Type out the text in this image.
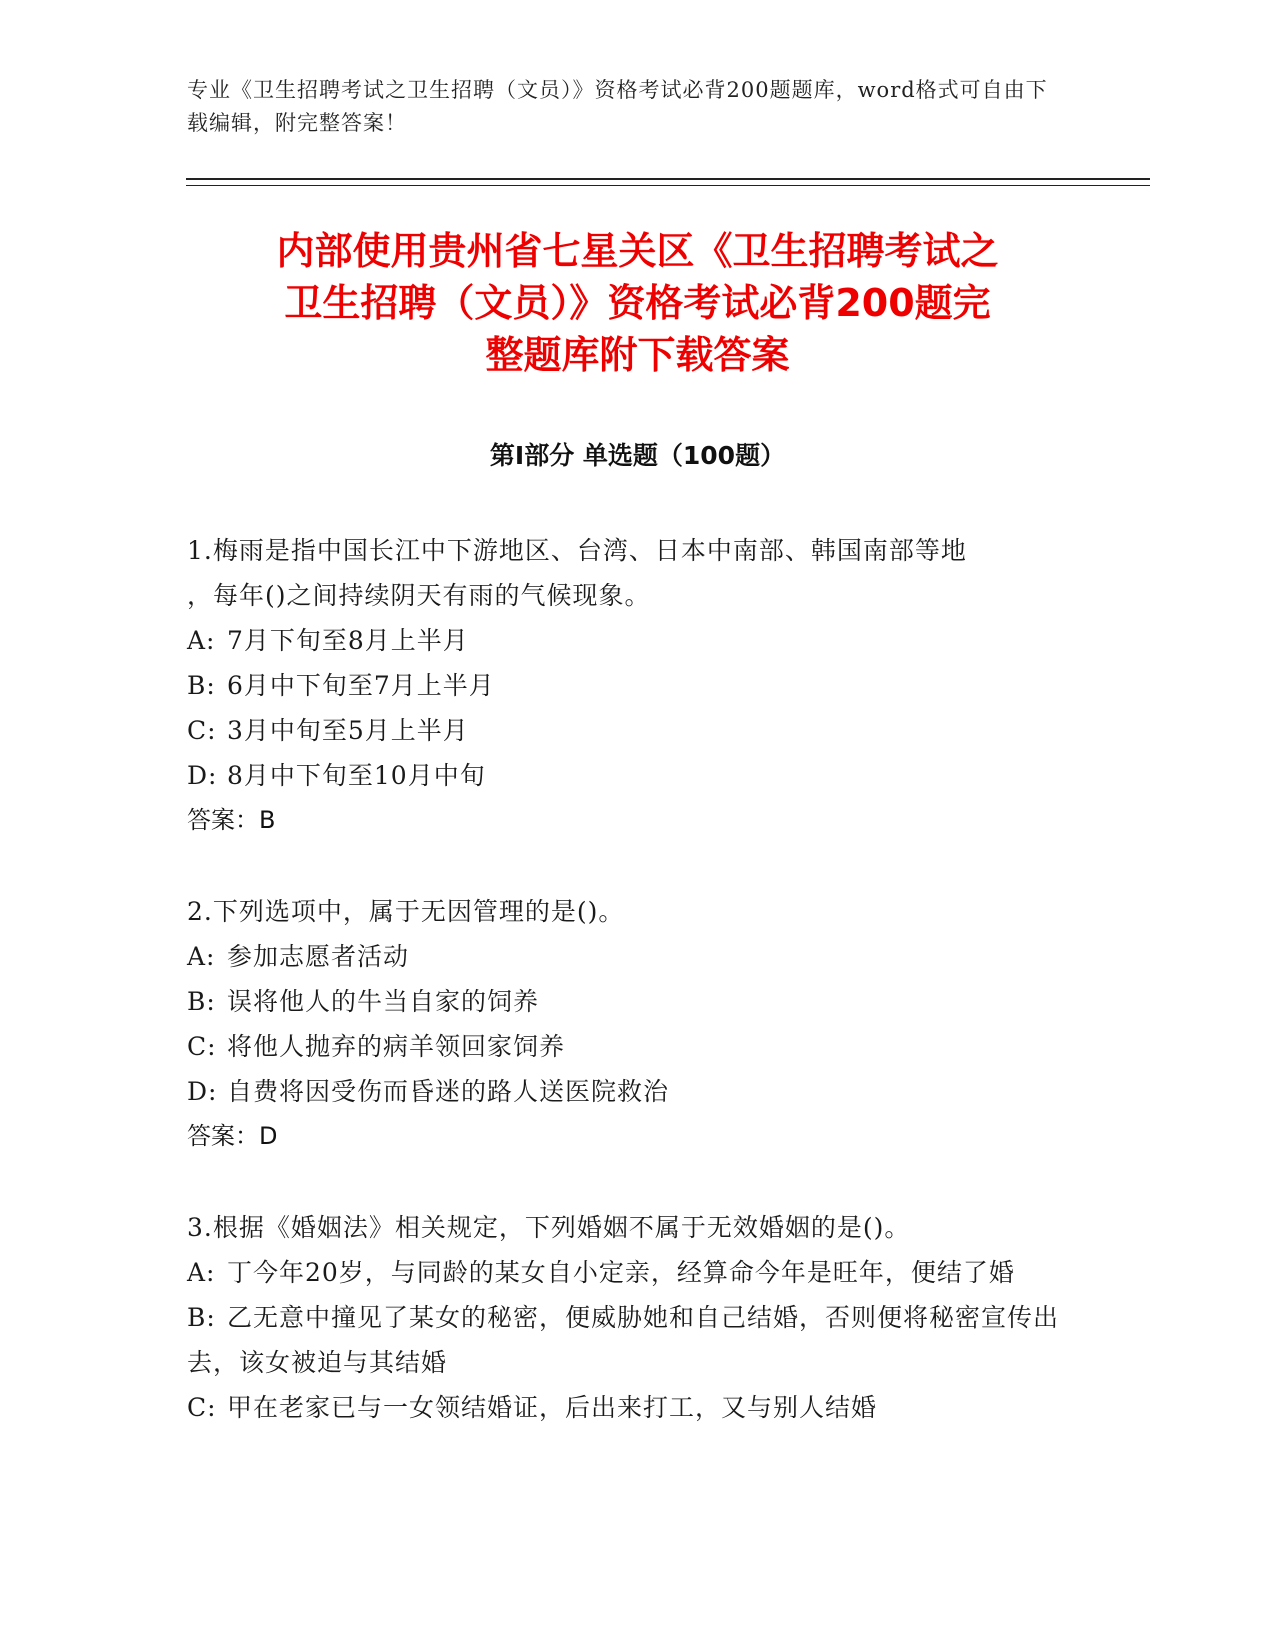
专业《卫生招聘考试之卫生招聘（文员）》资格考试必背200题题库，word格式可自由下载编辑，附完整答案！
内部使用贵州省七星关区《卫生招聘考试之
卫生招聘（文员）》资格考试必背200题完
整题库附下载答案
第I部分 单选题（100题）
1.梅雨是指中国长江中下游地区、台湾、日本中南部、韩国南部等地
，每年()之间持续阴天有雨的气候现象。
A: 7月下旬至8月上半月
B: 6月中下旬至7月上半月
C: 3月中旬至5月上半月
D: 8月中下旬至10月中旬
答案：B
2.下列选项中，属于无因管理的是()。
A: 参加志愿者活动
B: 误将他人的牛当自家的饲养
C: 将他人抛弃的病羊领回家饲养
D: 自费将因受伤而昏迷的路人送医院救治
答案：D
3.根据《婚姻法》相关规定，下列婚姻不属于无效婚姻的是()。
A: 丁今年20岁，与同龄的某女自小定亲，经算命今年是旺年，便结了婚
B: 乙无意中撞见了某女的秘密，便威胁她和自己结婚，否则便将秘密宣传出去，该女被迫与其结婚
C: 甲在老家已与一女领结婚证，后出来打工，又与别人结婚
